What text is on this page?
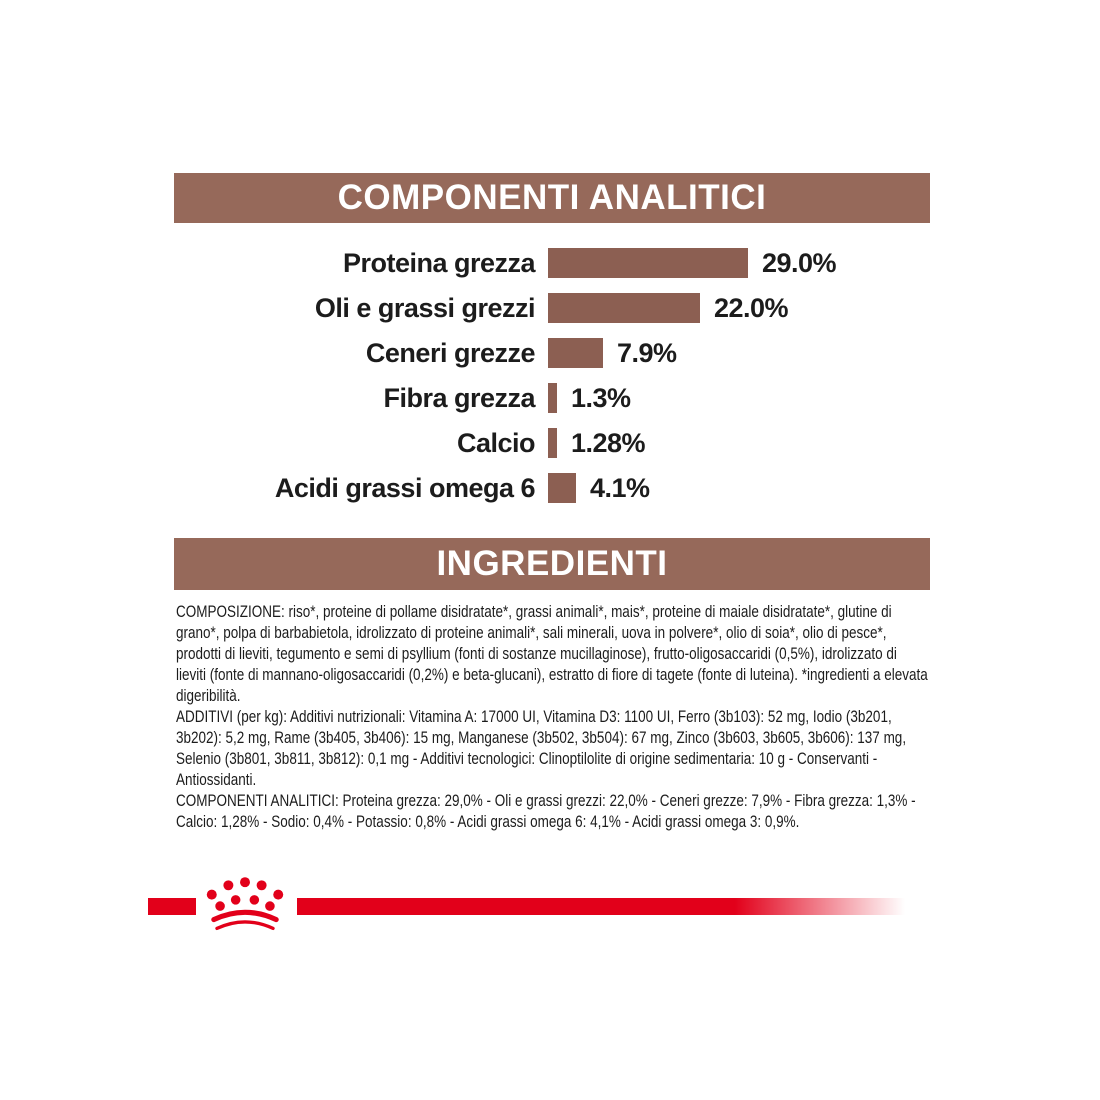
COMPONENTI ANALITICI
Proteina grezza	29.0%
Oli e grassi grezzi	22.0%
Ceneri grezze	7.9%
Fibra grezza	1.3%
Calcio	1.28%
Acidi grassi omega 6	4.1%
INGREDIENTI

COMPOSIZIONE: riso*, proteine di pollame disidratate*, grassi animali*, mais*, proteine di maiale disidratate*, glutine di grano*, polpa di barbabietola, idrolizzato di proteine animali*, sali minerali, uova in polvere*, olio di soia*, olio di pesce*, prodotti di lieviti, tegumento e semi di psyllium (fonti di sostanze mucillaginose), frutto-oligosaccaridi (0,5%), idrolizzato di lieviti (fonte di mannano-oligosaccaridi (0,2%) e beta-glucani), estratto di fiore di tagete (fonte di luteina). *ingredienti a elevata digeribilità.

ADDITIVI (per kg): Additivi nutrizionali: Vitamina A: 17000 UI, Vitamina D3: 1100 UI, Ferro (3b103): 52 mg, Iodio (3b201, 3b202): 5,2 mg, Rame (3b405, 3b406): 15 mg, Manganese (3b502, 3b504): 67 mg, Zinco (3b603, 3b605, 3b606): 137 mg, Selenio (3b801, 3b811, 3b812): 0,1 mg - Additivi tecnologici: Clinoptilolite di origine sedimentaria: 10 g - Conservanti - Antiossidanti.

COMPONENTI ANALITICI: Proteina grezza: 29,0% - Oli e grassi grezzi: 22,0% - Ceneri grezze: 7,9% - Fibra grezza: 1,3% - Calcio: 1,28% - Sodio: 0,4% - Potassio: 0,8% - Acidi grassi omega 6: 4,1% - Acidi grassi omega 3: 0,9%.
